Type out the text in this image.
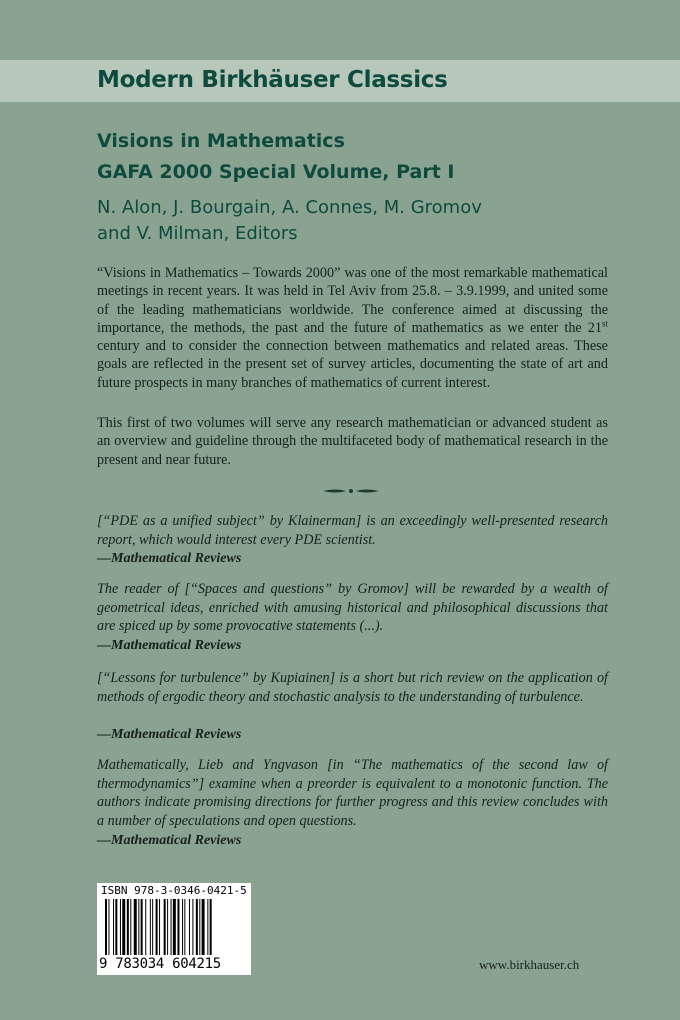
Modern Birkhäuser Classics
Visions in Mathematics
GAFA 2000 Special Volume, Part I
N. Alon, J. Bourgain, A. Connes, M. Gromov
and V. Milman, Editors

“Visions in Mathematics – Towards 2000” was one of the most remarkable mathematical meetings in recent years. It was held in Tel Aviv from 25.8. – 3.9.1999, and united some of the leading mathematicians worldwide. The conference aimed at discussing the importance, the methods, the past and the future of mathematics as we enter the 21st century and to consider the connection between mathematics and related areas. These goals are reflected in the present set of survey articles, documenting the state of art and future prospects in many branches of mathematics of current interest.

This first of two volumes will serve any research mathematician or advanced student as an overview and guideline through the multifaceted body of mathematical research in the present and near future.

[“PDE as a unified subject” by Klainerman] is an exceedingly well-presented research report, which would interest every PDE scientist.

—Mathematical Reviews

The reader of [“Spaces and questions” by Gromov] will be rewarded by a wealth of geometrical ideas, enriched with amusing historical and philosophical discussions that are spiced up by some provocative statements (...).

—Mathematical Reviews

[“Lessons for turbulence” by Kupiainen] is a short but rich review on the application of methods of ergodic theory and stochastic analysis to the understanding of turbulence.

—Mathematical Reviews

Mathematically, Lieb and Yngvason [in “The mathematics of the second law of thermodynamics”] examine when a preorder is equivalent to a monotonic function. The authors indicate promising directions for further progress and this review concludes with a number of speculations and open questions.

—Mathematical Reviews
ISBN 978-3-0346-0421-5
9 783034 604215	www.birkhauser.ch
